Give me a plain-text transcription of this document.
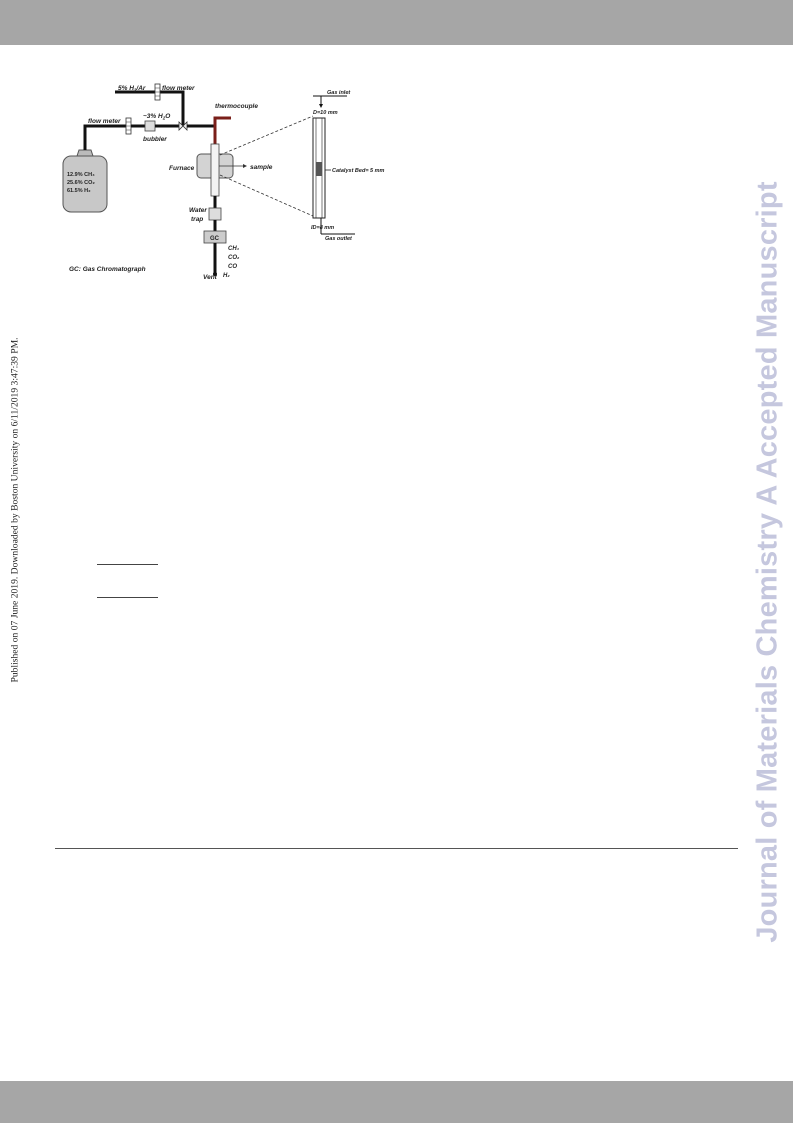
Published on 07 June 2019. Downloaded by Boston University on 6/11/2019 3:47:39 PM.	Journal of Materials Chemistry A Accepted Manuscript
12.9% CH₄
25.6% CO₂
61.5% H₂
flow meter
~3% $H_2O$
bubbler
5% $H_2/Ar$	flow meter
thermocouple
Furnace	sample
Water
trap
GC
CH₄
CO₂
CO
H₂
Vent
GC: Gas Chromatograph
Gas inlet
D=10 mm
Catalyst Bed= 5 mm
ID=8 mm
Gas outlet
